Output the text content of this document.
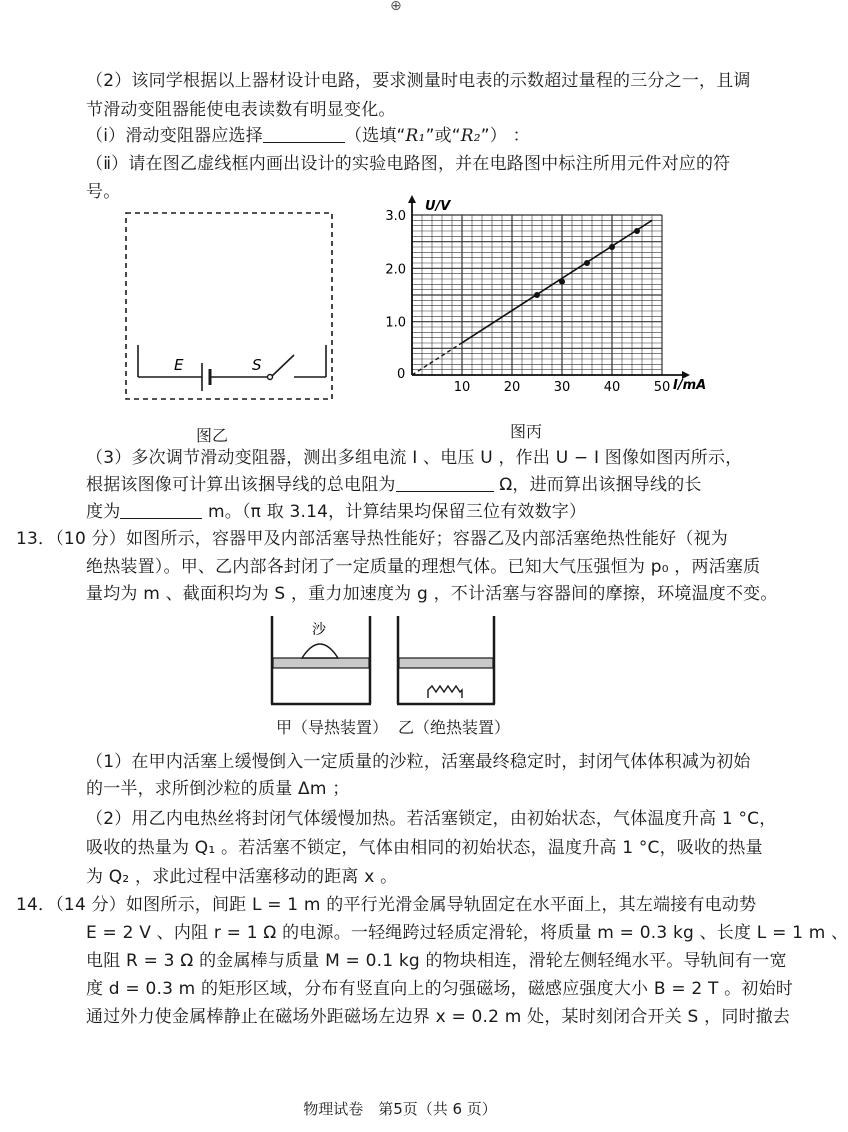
⊕
（2）该同学根据以上器材设计电路，要求测量时电表的示数超过量程的三分之一，且调
节滑动变阻器能使电表读数有明显变化。
（ⅰ）滑动变阻器应选择	（选填“R₁”或“R₂”） ：
（ⅱ）请在图乙虚线框内画出设计的实验电路图，并在电路图中标注所用元件对应的符
号。
E	S
图乙
10	20	30	40	50
1.0
2.0
3.0
U/V
I/mA
0
图丙
（3）多次调节滑动变阻器，测出多组电流 I 、电压 U ，作出 U − I 图像如图丙所示，
根据该图像可计算出该捆导线的总电阻为	Ω，进而算出该捆导线的长
度为	m。（π 取 3.14，计算结果均保留三位有效数字）
13．（10 分）如图所示，容器甲及内部活塞导热性能好；容器乙及内部活塞绝热性能好（视为
绝热装置）。甲、乙内部各封闭了一定质量的理想气体。已知大气压强恒为 p₀ ，两活塞质
量均为 m 、截面积均为 S ，重力加速度为 g ，不计活塞与容器间的摩擦，环境温度不变。
沙
甲（导热装置） 乙（绝热装置）
（1）在甲内活塞上缓慢倒入一定质量的沙粒，活塞最终稳定时，封闭气体体积减为初始
的一半，求所倒沙粒的质量 Δm ；
（2）用乙内电热丝将封闭气体缓慢加热。若活塞锁定，由初始状态，气体温度升高 1 °C，
吸收的热量为 Q₁ 。若活塞不锁定，气体由相同的初始状态，温度升高 1 °C，吸收的热量
为 Q₂ ，求此过程中活塞移动的距离 x 。
14．（14 分）如图所示，间距 L = 1 m 的平行光滑金属导轨固定在水平面上，其左端接有电动势
E = 2 V 、内阻 r = 1 Ω 的电源。一轻绳跨过轻质定滑轮，将质量 m = 0.3 kg 、长度 L = 1 m 、
电阻 R = 3 Ω 的金属棒与质量 M = 0.1 kg 的物块相连，滑轮左侧轻绳水平。导轨间有一宽
度 d = 0.3 m 的矩形区域，分布有竖直向上的匀强磁场，磁感应强度大小 B = 2 T 。初始时
通过外力使金属棒静止在磁场外距磁场左边界 x = 0.2 m 处，某时刻闭合开关 S ，同时撤去
物理试卷　第5页（共 6 页）
